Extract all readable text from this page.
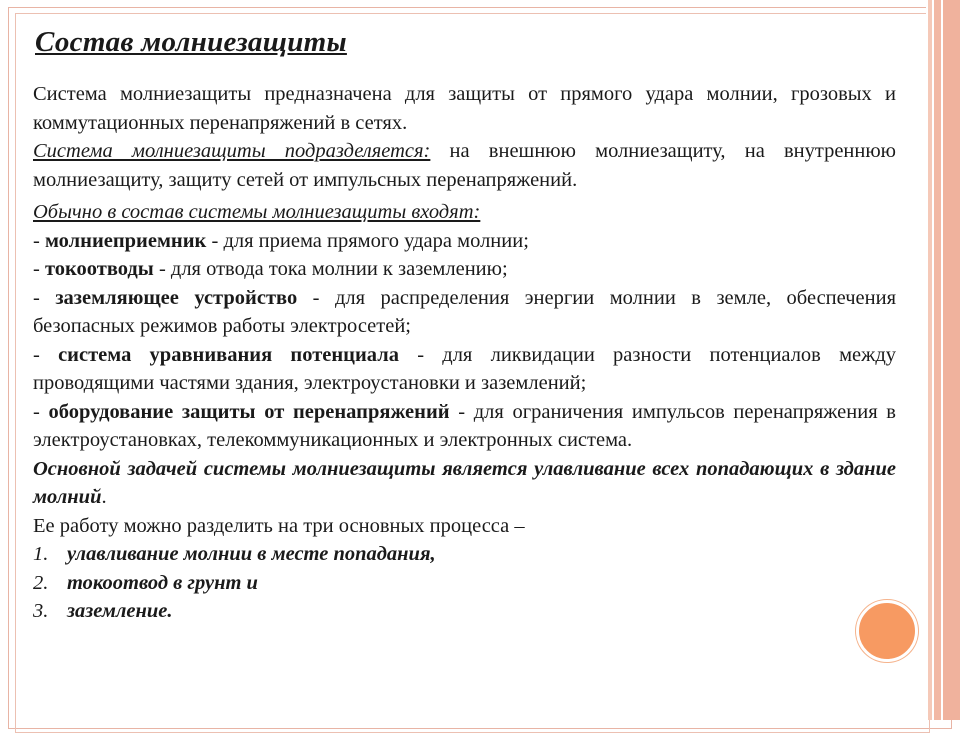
Состав молниезащиты

Система молниезащиты предназначена для защиты от прямого удара молнии, грозовых и коммутационных перенапряжений в сетях.

Система молниезащиты подразделяется: на внешнюю молниезащиту, на внутреннюю молниезащиту, защиту сетей от импульсных перенапряжений.

Обычно в состав системы молниезащиты входят:

- молниеприемник - для приема прямого удара молнии;

- токоотводы - для отвода тока молнии к заземлению;

- заземляющее устройство - для распределения энергии молнии в земле, обеспечения безопасных режимов работы электросетей;

- система уравнивания потенциала - для ликвидации разности потенциалов между проводящими частями здания, электроустановки и заземлений;

- оборудование защиты от перенапряжений - для ограничения импульсов перенапряжения в электроустановках, телекоммуникационных и электронных система.

Основной задачей системы молниезащиты является улавливание всех попадающих в здание молний.

Ее работу можно разделить на три основных процесса –

1. улавливание молнии в месте попадания,
2. токоотвод в грунт и
3. заземление.
